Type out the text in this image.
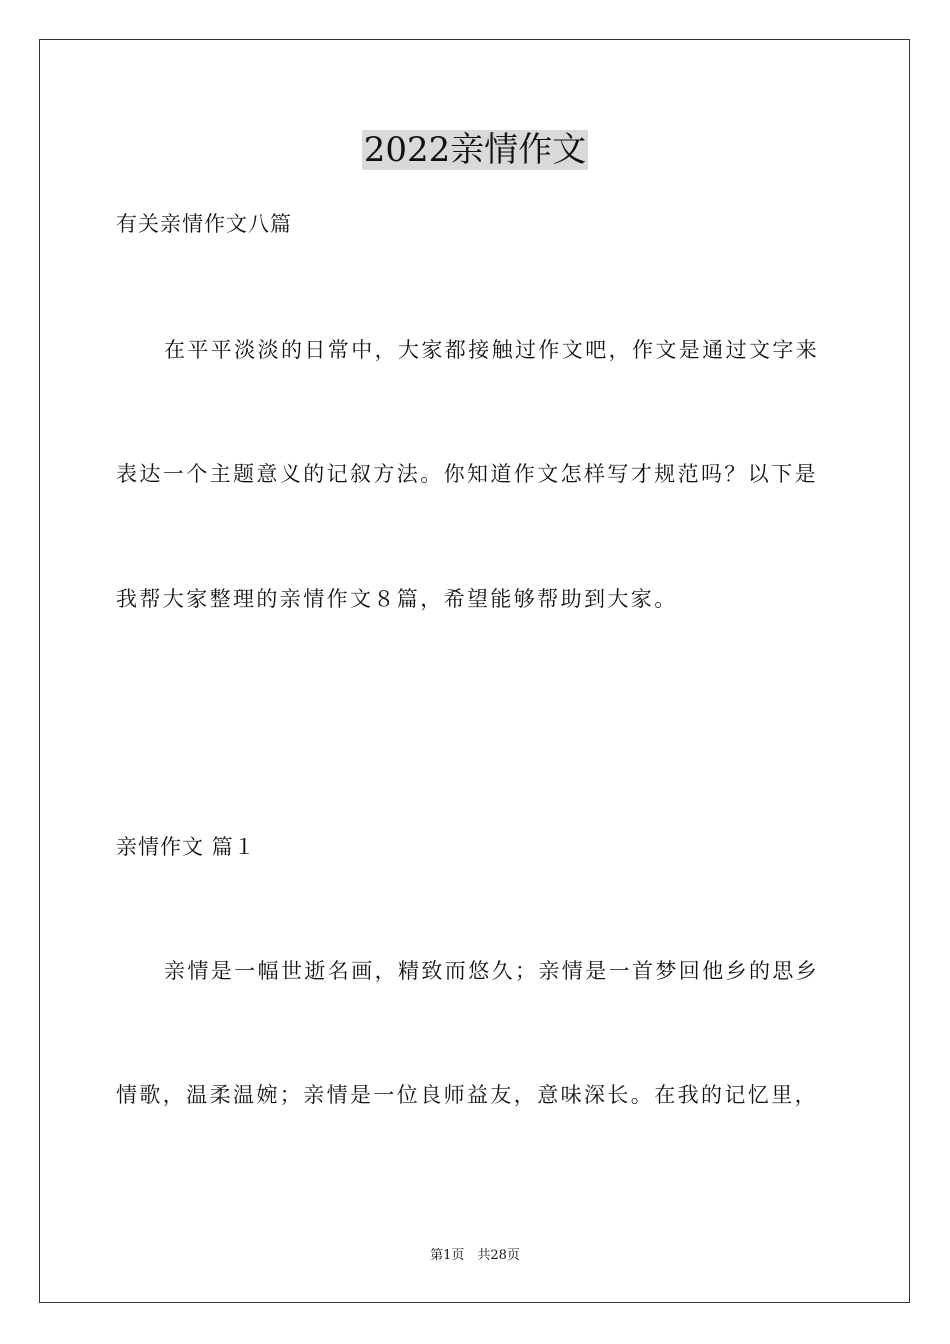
2022亲情作文
有关亲情作文八篇
在平平淡淡的日常中，大家都接触过作文吧，作文是通过文字来
表达一个主题意义的记叙方法。你知道作文怎样写才规范吗？以下是
我帮大家整理的亲情作文８篇，希望能够帮助到大家。
亲情作文 篇１
亲情是一幅世逝名画，精致而悠久；亲情是一首梦回他乡的思乡
情歌，温柔温婉；亲情是一位良师益友，意味深长。在我的记忆里，
第1页　共28页
